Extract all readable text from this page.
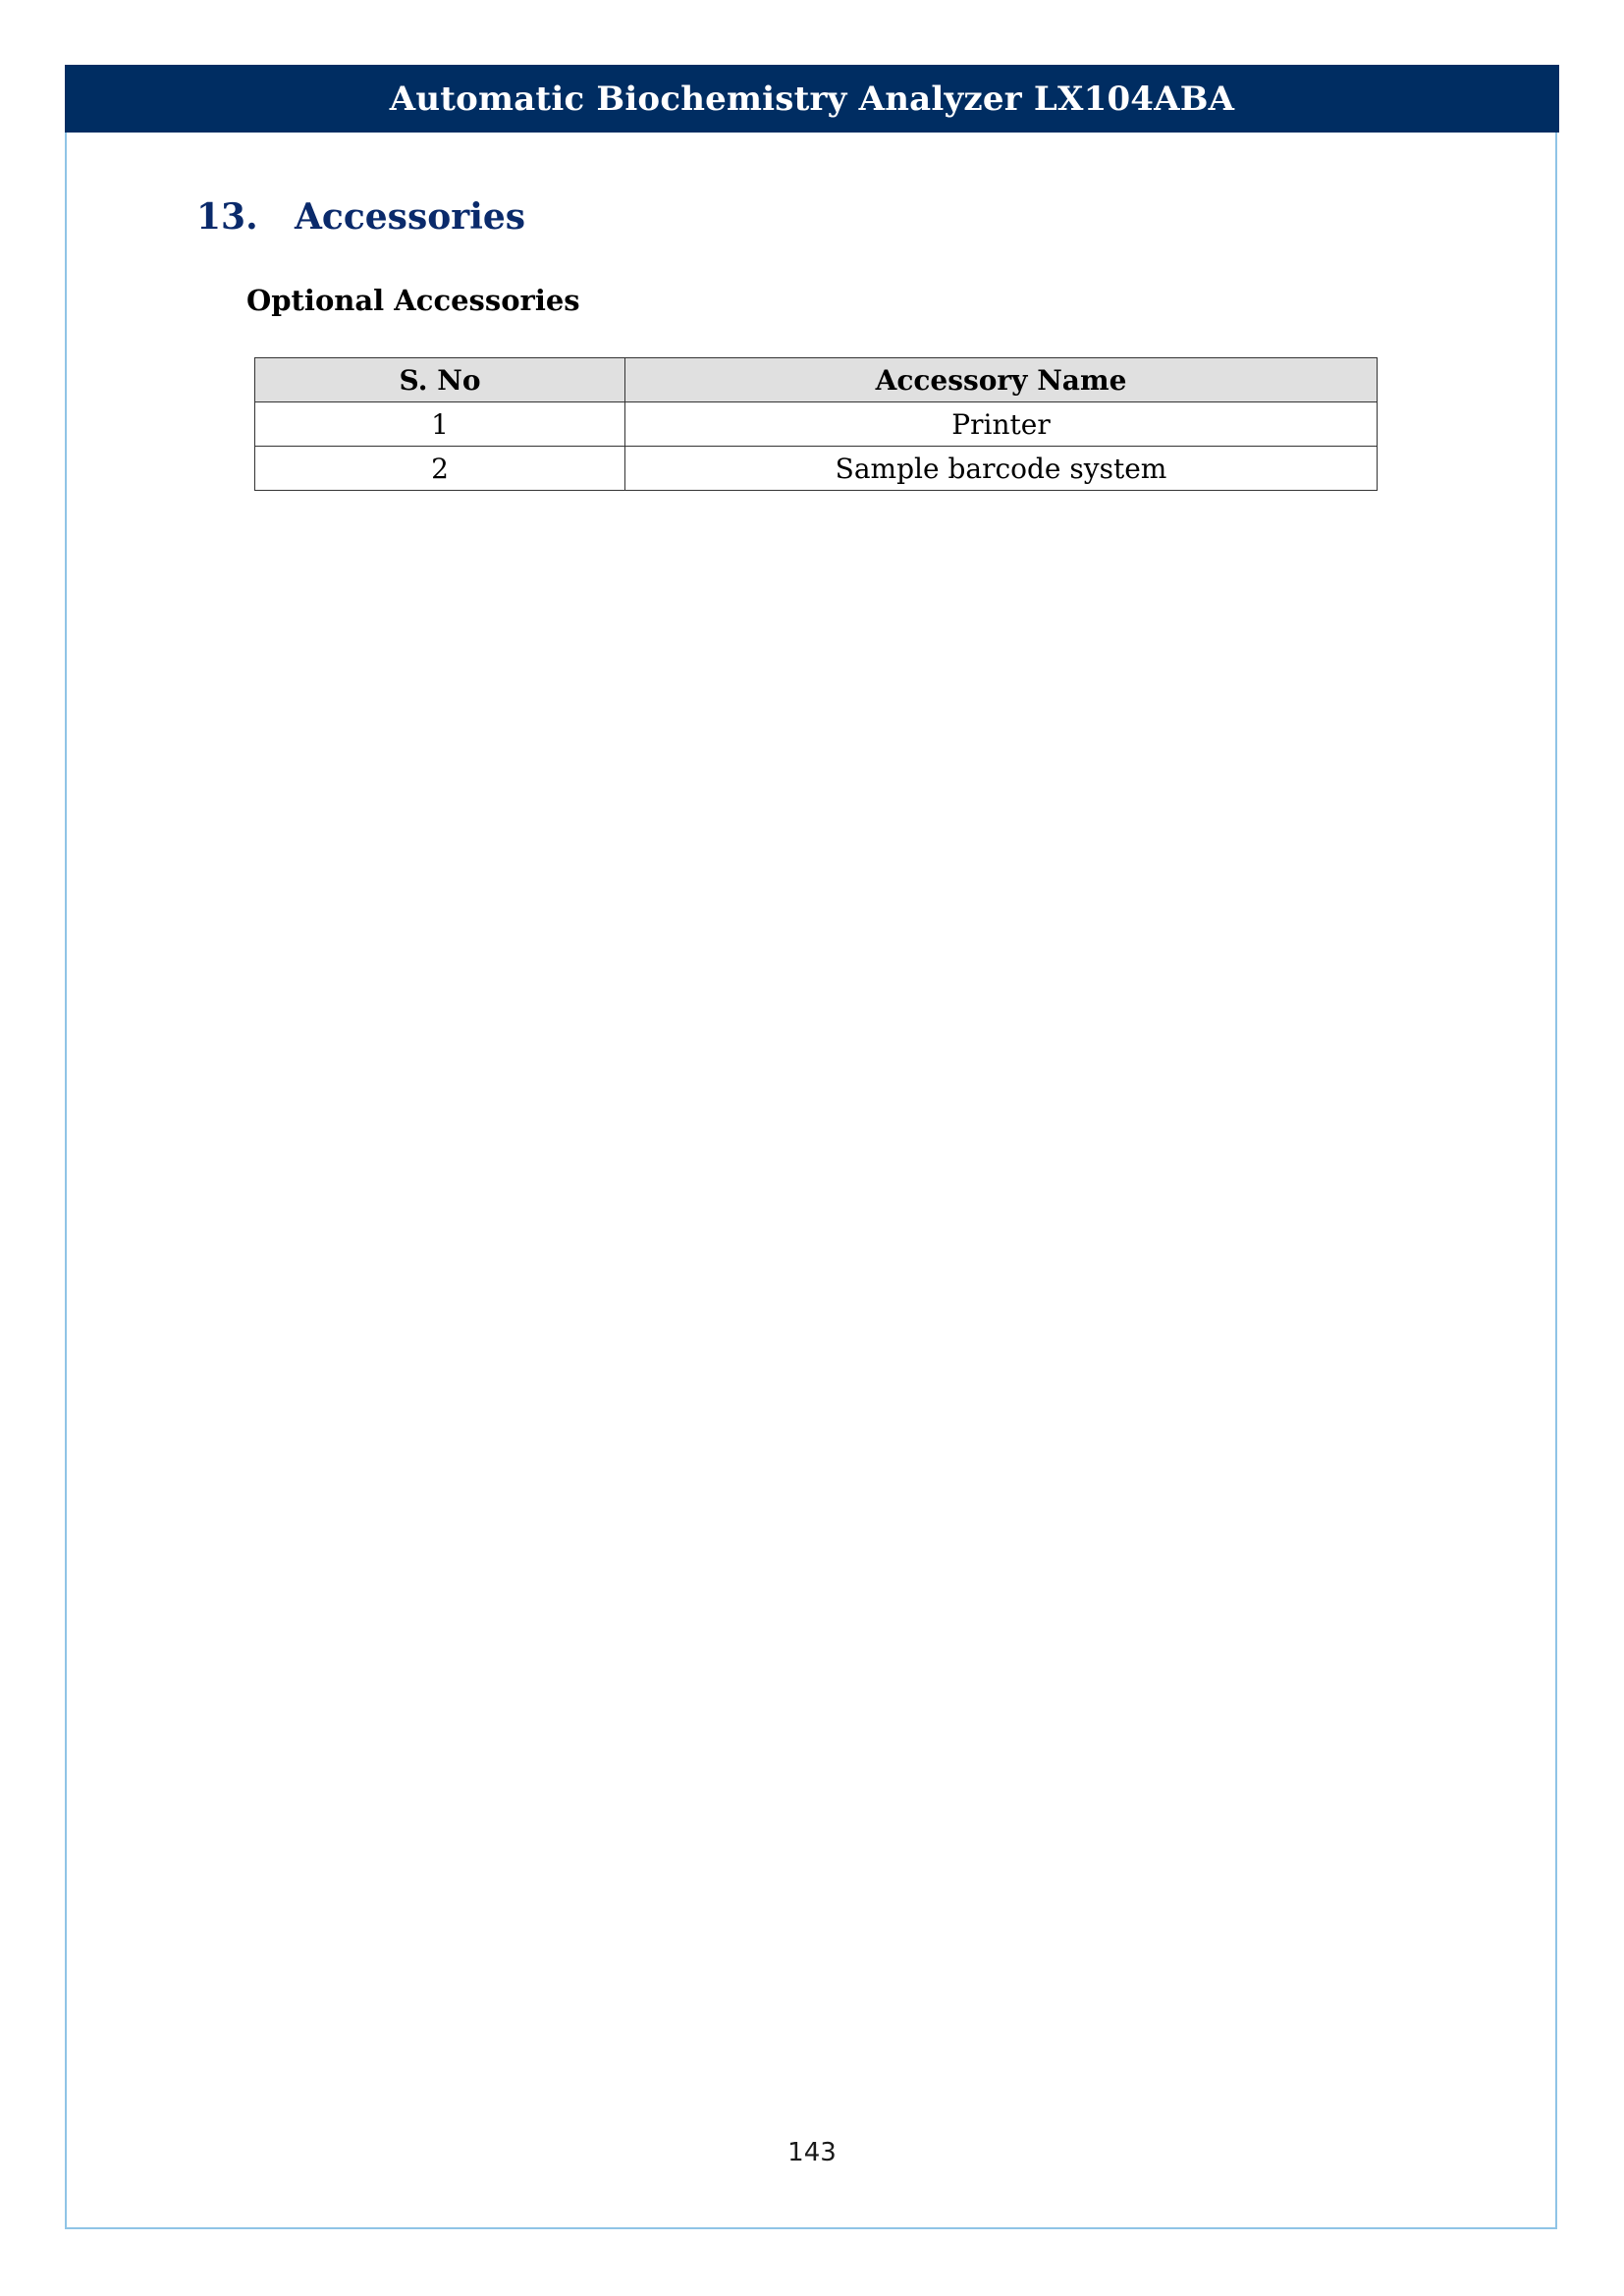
Automatic Biochemistry Analyzer LX104ABA
13.	Accessories
Optional Accessories
S. No	Accessory Name
1	Printer
2	Sample barcode system
143
